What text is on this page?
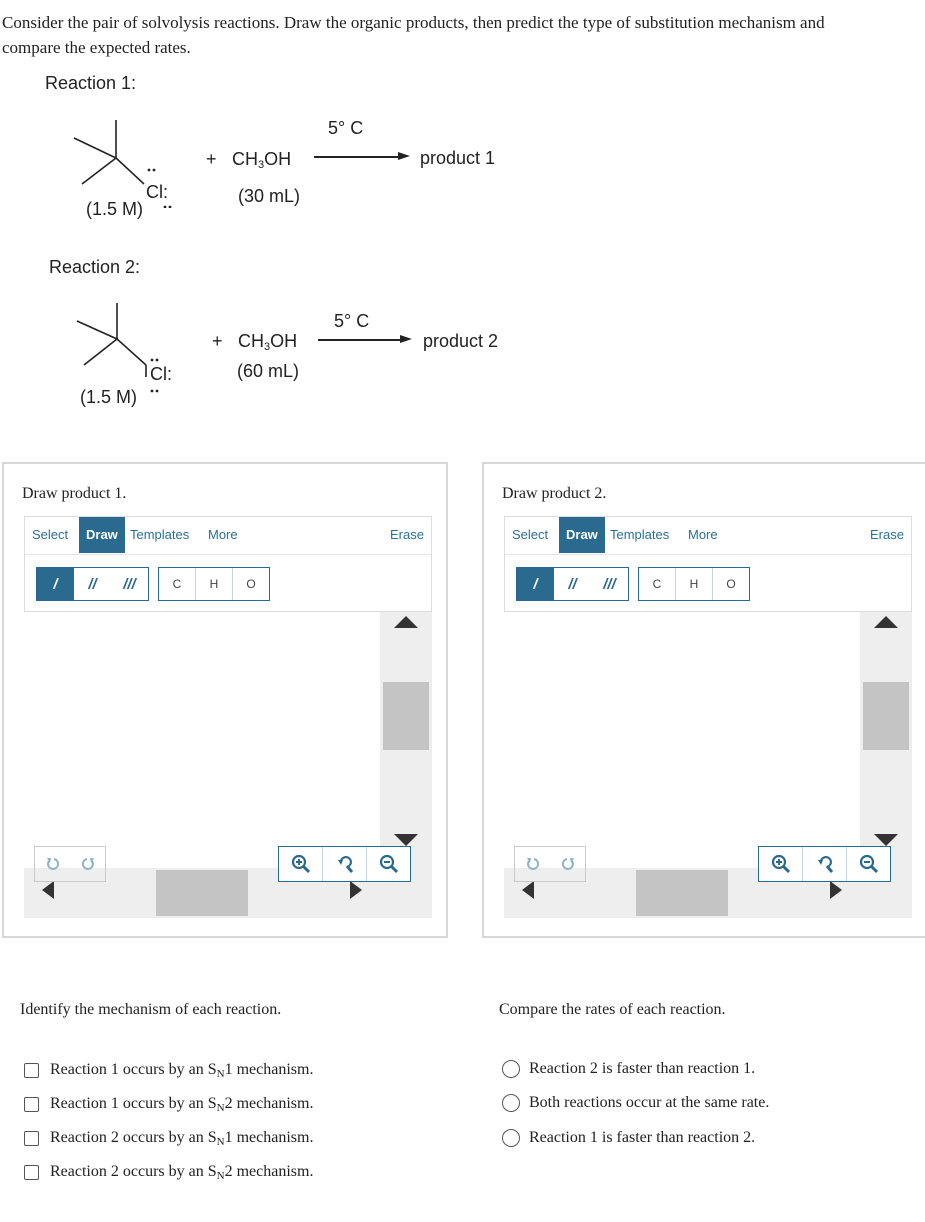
Consider the pair of solvolysis reactions. Draw the organic products, then predict the type of substitution mechanism and
compare the expected rates.
Reaction 1:
Cl:
(1.5 M)
+ $CH_3OH$
(30 mL)
5° C
product 1
Reaction 2:
Cl:
(1.5 M)
+ $CH_3OH$
(60 mL)
5° C
product 2
Draw product 1.
Select	Draw Templates	More	Erase
/	//	///	C	H	O
Draw product 2.
Select	Draw Templates	More	Erase
/	//	///	C	H	O
Identify the mechanism of each reaction.
Reaction 1 occurs by an $S_N1$ mechanism.
Reaction 1 occurs by an $S_N2$ mechanism.
Reaction 2 occurs by an $S_N1$ mechanism.
Reaction 2 occurs by an $S_N2$ mechanism.
Compare the rates of each reaction.
Reaction 2 is faster than reaction 1.
Both reactions occur at the same rate.
Reaction 1 is faster than reaction 2.
